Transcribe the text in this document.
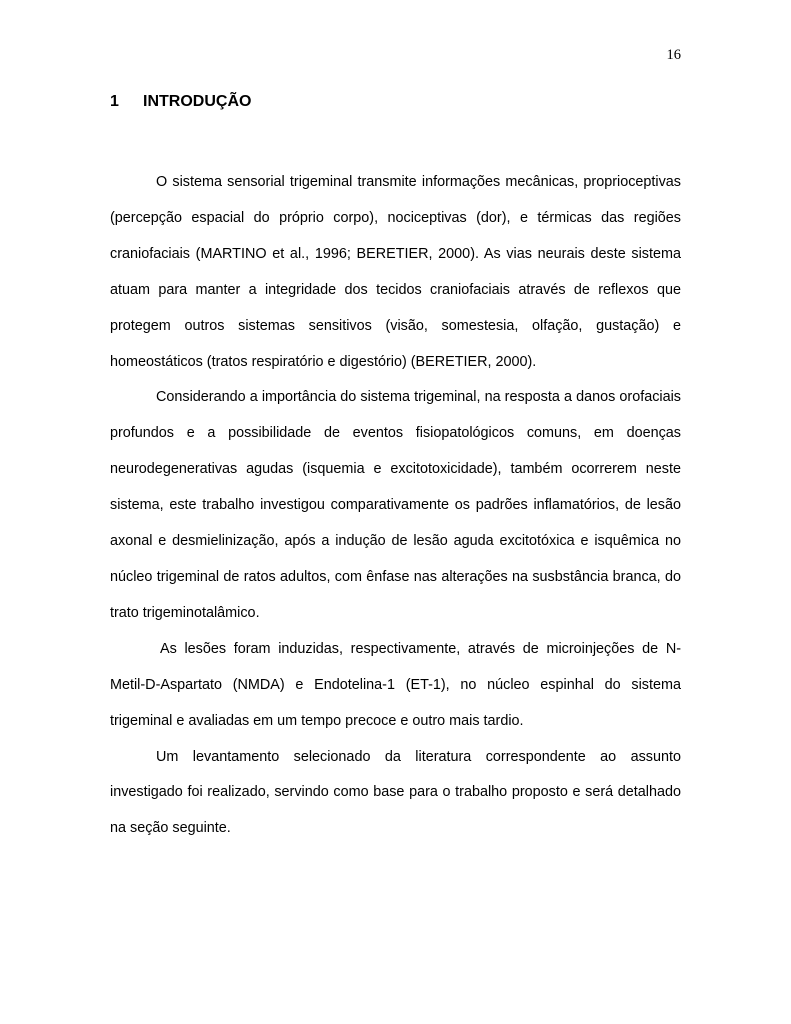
16
1 INTRODUÇÃO

O sistema sensorial trigeminal transmite informações mecânicas, proprioceptivas (percepção espacial do próprio corpo), nociceptivas (dor), e térmicas das regiões craniofaciais (MARTINO et al., 1996; BERETIER, 2000). As vias neurais deste sistema atuam para manter a integridade dos tecidos craniofaciais através de reflexos que protegem outros sistemas sensitivos (visão, somestesia, olfação, gustação) e homeostáticos (tratos respiratório e digestório) (BERETIER, 2000).

Considerando a importância do sistema trigeminal, na resposta a danos orofaciais profundos e a possibilidade de eventos fisiopatológicos comuns, em doenças neurodegenerativas agudas (isquemia e excitotoxicidade), também ocorrerem neste sistema, este trabalho investigou comparativamente os padrões inflamatórios, de lesão axonal e desmielinização, após a indução de lesão aguda excitotóxica e isquêmica no núcleo trigeminal de ratos adultos, com ênfase nas alterações na susbstância branca, do trato trigeminotalâmico.

As lesões foram induzidas, respectivamente, através de microinjeções de N-Metil-D-Aspartato (NMDA) e Endotelina-1 (ET-1), no núcleo espinhal do sistema trigeminal e avaliadas em um tempo precoce e outro mais tardio.

Um levantamento selecionado da literatura correspondente ao assunto investigado foi realizado, servindo como base para o trabalho proposto e será detalhado na seção seguinte.
